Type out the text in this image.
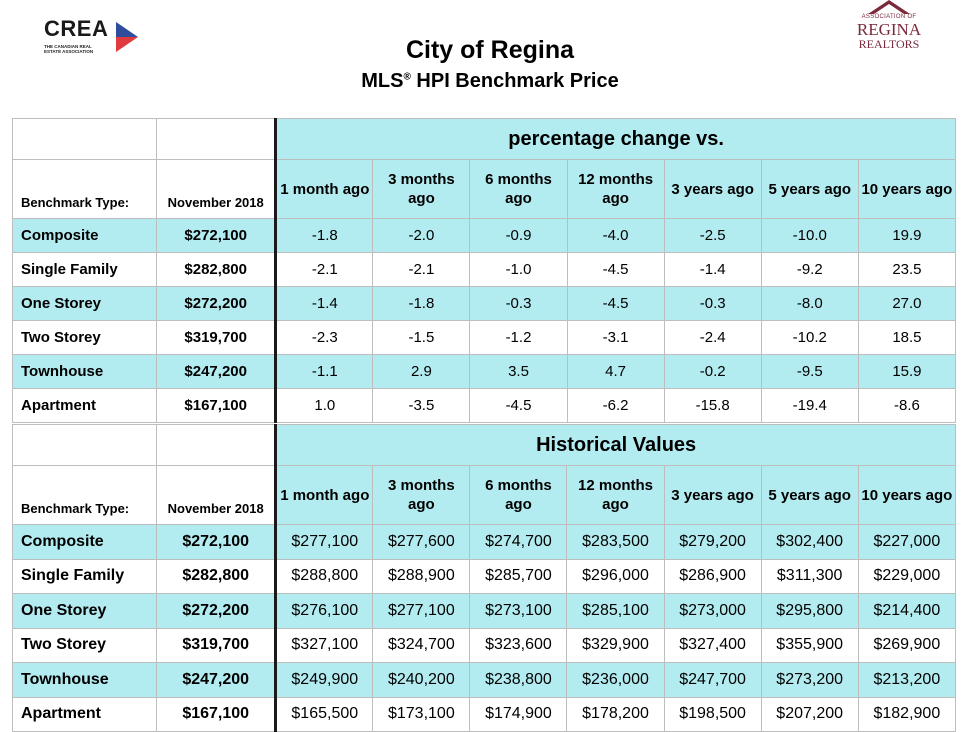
CREA
THE CANADIAN REAL ESTATE ASSOCIATION
ASSOCIATION OF
REGINA
REALTORS
City of Regina
MLS® HPI Benchmark Price
		percentage change vs.						
Benchmark Type:	November 2018	1 month ago	3 months ago	6 months ago	12 months ago	3 years ago	5 years ago	10 years ago
Composite	$272,100	-1.8	-2.0	-0.9	-4.0	-2.5	-10.0	19.9
Single Family	$282,800	-2.1	-2.1	-1.0	-4.5	-1.4	-9.2	23.5
One Storey	$272,200	-1.4	-1.8	-0.3	-4.5	-0.3	-8.0	27.0
Two Storey	$319,700	-2.3	-1.5	-1.2	-3.1	-2.4	-10.2	18.5
Townhouse	$247,200	-1.1	2.9	3.5	4.7	-0.2	-9.5	15.9
Apartment	$167,100	1.0	-3.5	-4.5	-6.2	-15.8	-19.4	-8.6
		Historical Values						
Benchmark Type:	November 2018	1 month ago	3 months ago	6 months ago	12 months ago	3 years ago	5 years ago	10 years ago
Composite	$272,100	$277,100	$277,600	$274,700	$283,500	$279,200	$302,400	$227,000
Single Family	$282,800	$288,800	$288,900	$285,700	$296,000	$286,900	$311,300	$229,000
One Storey	$272,200	$276,100	$277,100	$273,100	$285,100	$273,000	$295,800	$214,400
Two Storey	$319,700	$327,100	$324,700	$323,600	$329,900	$327,400	$355,900	$269,900
Townhouse	$247,200	$249,900	$240,200	$238,800	$236,000	$247,700	$273,200	$213,200
Apartment	$167,100	$165,500	$173,100	$174,900	$178,200	$198,500	$207,200	$182,900
